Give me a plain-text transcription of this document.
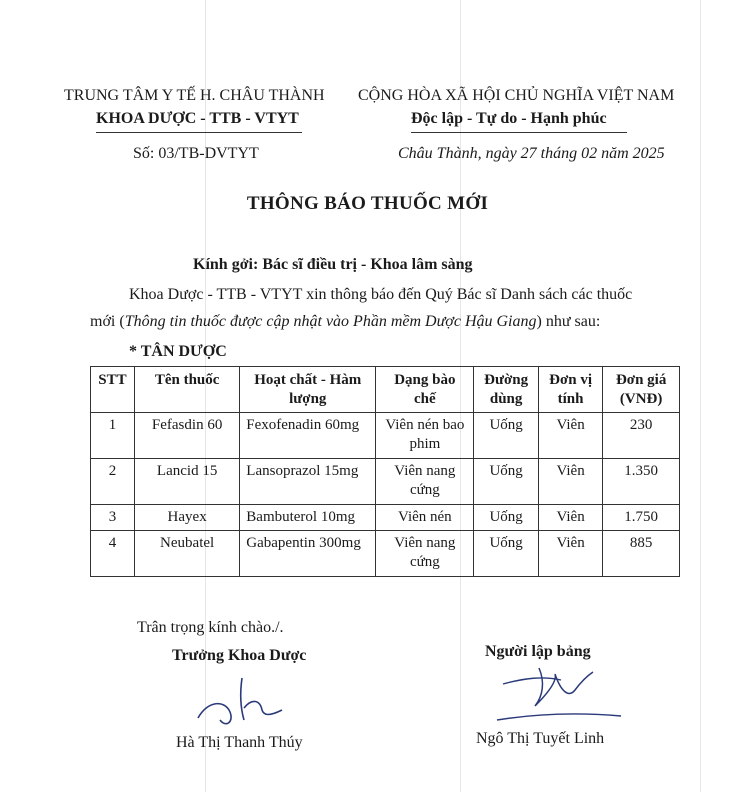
TRUNG TÂM Y TẾ H. CHÂU THÀNH
KHOA DƯỢC - TTB - VTYT
Số: 03/TB-DVTYT
CỘNG HÒA XÃ HỘI CHỦ NGHĨA VIỆT NAM
Độc lập - Tự do - Hạnh phúc
Châu Thành, ngày 27 tháng 02 năm 2025
THÔNG BÁO THUỐC MỚI
Kính gởi: Bác sĩ điều trị - Khoa lâm sàng
Khoa Dược - TTB - VTYT xin thông báo đến Quý Bác sĩ Danh sách các thuốc
mới (Thông tin thuốc được cập nhật vào Phần mềm Dược Hậu Giang) như sau:
* TÂN DƯỢC
STT	Tên thuốc	Hoạt chất - Hàm lượng	Dạng bào chế	Đường dùng	Đơn vị tính	Đơn giá (VNĐ)
1	Fefasdin 60	Fexofenadin 60mg	Viên nén bao phim	Uống	Viên	230
2	Lancid 15	Lansoprazol 15mg	Viên nang cứng	Uống	Viên	1.350
3	Hayex	Bambuterol 10mg	Viên nén	Uống	Viên	1.750
4	Neubatel	Gabapentin 300mg	Viên nang cứng	Uống	Viên	885
Trân trọng kính chào./.
Trưởng Khoa Dược
Hà Thị Thanh Thúy
Người lập bảng
Ngô Thị Tuyết Linh
